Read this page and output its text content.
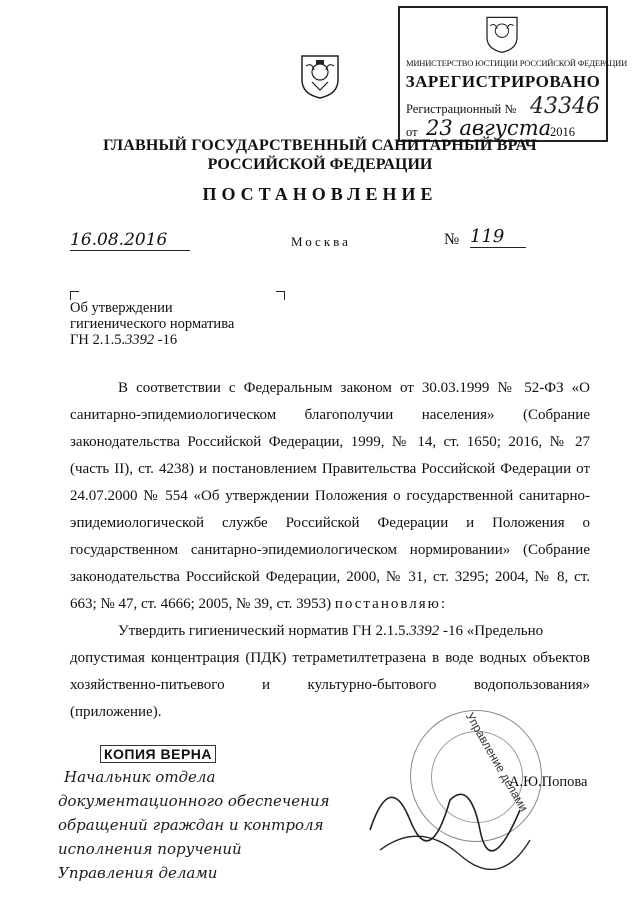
МИНИСТЕРСТВО ЮСТИЦИИ РОССИЙСКОЙ ФЕДЕРАЦИИ
ЗАРЕГИСТРИРОВАНО
Регистрационный № 43346
от 23 августа
2016
ГЛАВНЫЙ ГОСУДАРСТВЕННЫЙ САНИТАРНЫЙ ВРАЧ
РОССИЙСКОЙ ФЕДЕРАЦИИ
ПОСТАНОВЛЕНИЕ
16.08.2016	Москва	№ 119
Об утверждении
гигиенического норматива
ГН 2.1.5.3392 -16
В соответствии с Федеральным законом от 30.03.1999 № 52-ФЗ «О
санитарно-эпидемиологическом благополучии населения» (Собрание
законодательства Российской Федерации, 1999, № 14, ст. 1650; 2016, № 27
(часть II), ст. 4238) и постановлением Правительства Российской Федерации от
24.07.2000 № 554 «Об утверждении Положения о государственной санитарно-
эпидемиологической службе Российской Федерации и Положения о
государственном санитарно-эпидемиологическом нормировании» (Собрание
законодательства Российской Федерации, 2000, № 31, ст. 3295; 2004, № 8, ст.
663; № 47, ст. 4666; 2005, № 39, ст. 3953) постановляю:
Утвердить гигиенический норматив ГН 2.1.5.3392 -16 «Предельно
допустимая концентрация (ПДК) тетраметилтетразена в воде водных объектов
хозяйственно-питьевого и культурно-бытового водопользования»
(приложение).	Управление делами
КОПИЯ ВЕРНА
А.Ю.Попова
Начальник отдела
документационного обеспечения
обращений граждан и контроля
исполнения поручений
Управления делами
